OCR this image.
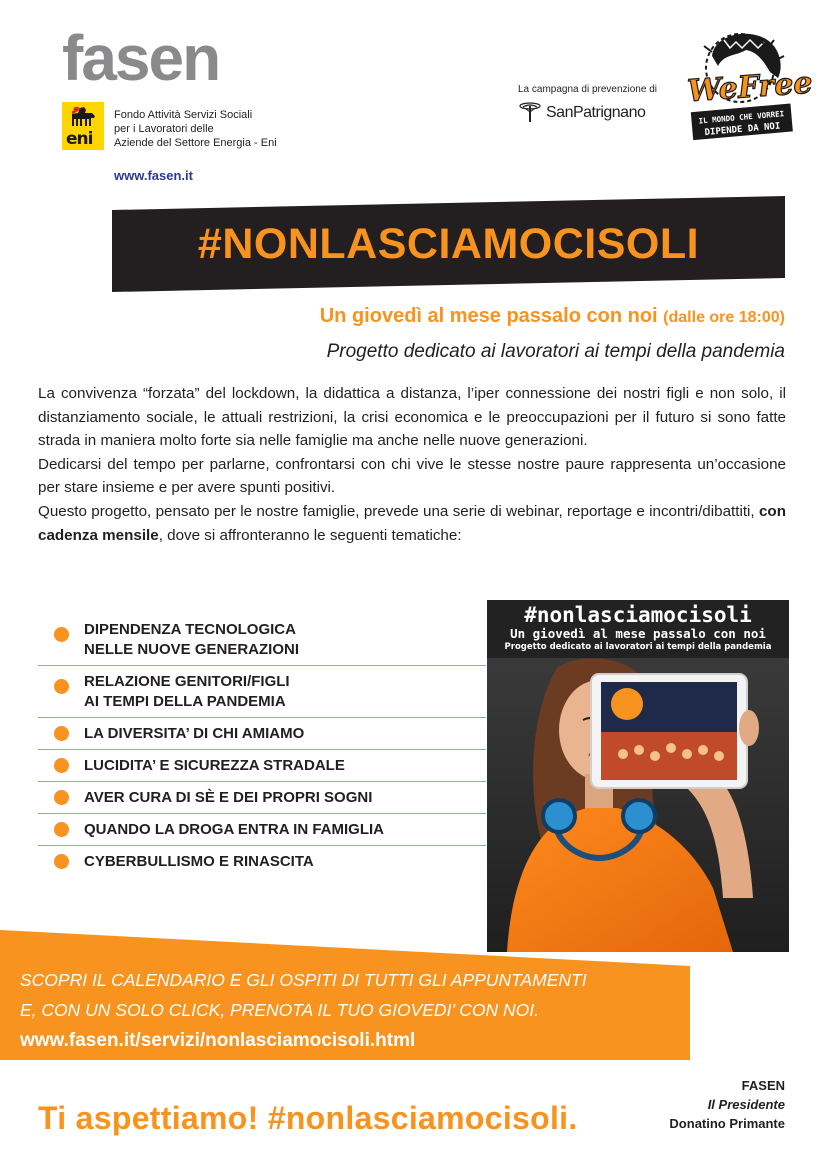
fasen
eni
Fondo Attività Servizi Sociali
per i Lavoratori delle
Aziende del Settore Energia - Eni
www.fasen.it
La campagna di prevenzione di
SanPatrignano
WeFree
IL MONDO CHE VORREI
DIPENDE DA NOI
#NONLASCIAMOCISOLI
Un giovedì al mese passalo con noi (dalle ore 18:00)
Progetto dedicato ai lavoratori ai tempi della pandemia

La convivenza “forzata” del lockdown, la didattica a distanza, l’iper connessione dei nostri figli e non solo, il distanziamento sociale, le attuali restrizioni, la crisi economica e le preoccupazioni per il futuro si sono fatte strada in maniera molto forte sia nelle famiglie ma anche nelle nuove generazioni.

Dedicarsi del tempo per parlarne, confrontarsi con chi vive le stesse nostre paure rappresenta un’occasione per stare insieme e per avere spunti positivi.

Questo progetto, pensato per le nostre famiglie, prevede una serie di webinar, reportage e incontri/dibattiti, con cadenza mensile, dove si affronteranno le seguenti tematiche:

DIPENDENZA TECNOLOGICA
NELLE NUOVE GENERAZIONI
RELAZIONE GENITORI/FIGLI
AI TEMPI DELLA PANDEMIA
LA DIVERSITA’ DI CHI AMIAMO
LUCIDITA’ E SICUREZZA STRADALE
AVER CURA DI SÈ E DEI PROPRI SOGNI
QUANDO LA DROGA ENTRA IN FAMIGLIA
CYBERBULLISMO E RINASCITA
#nonlasciamocisoli
Un giovedì al mese passalo con noi
Progetto dedicato ai lavoratori ai tempi della pandemia
SCOPRI IL CALENDARIO E GLI OSPITI DI TUTTI GLI APPUNTAMENTI
E, CON UN SOLO CLICK, PRENOTA IL TUO GIOVEDI’ CON NOI.
www.fasen.it/servizi/nonlasciamocisoli.html
Ti aspettiamo! #nonlasciamocisoli.
FASEN
Il Presidente
Donatino Primante
